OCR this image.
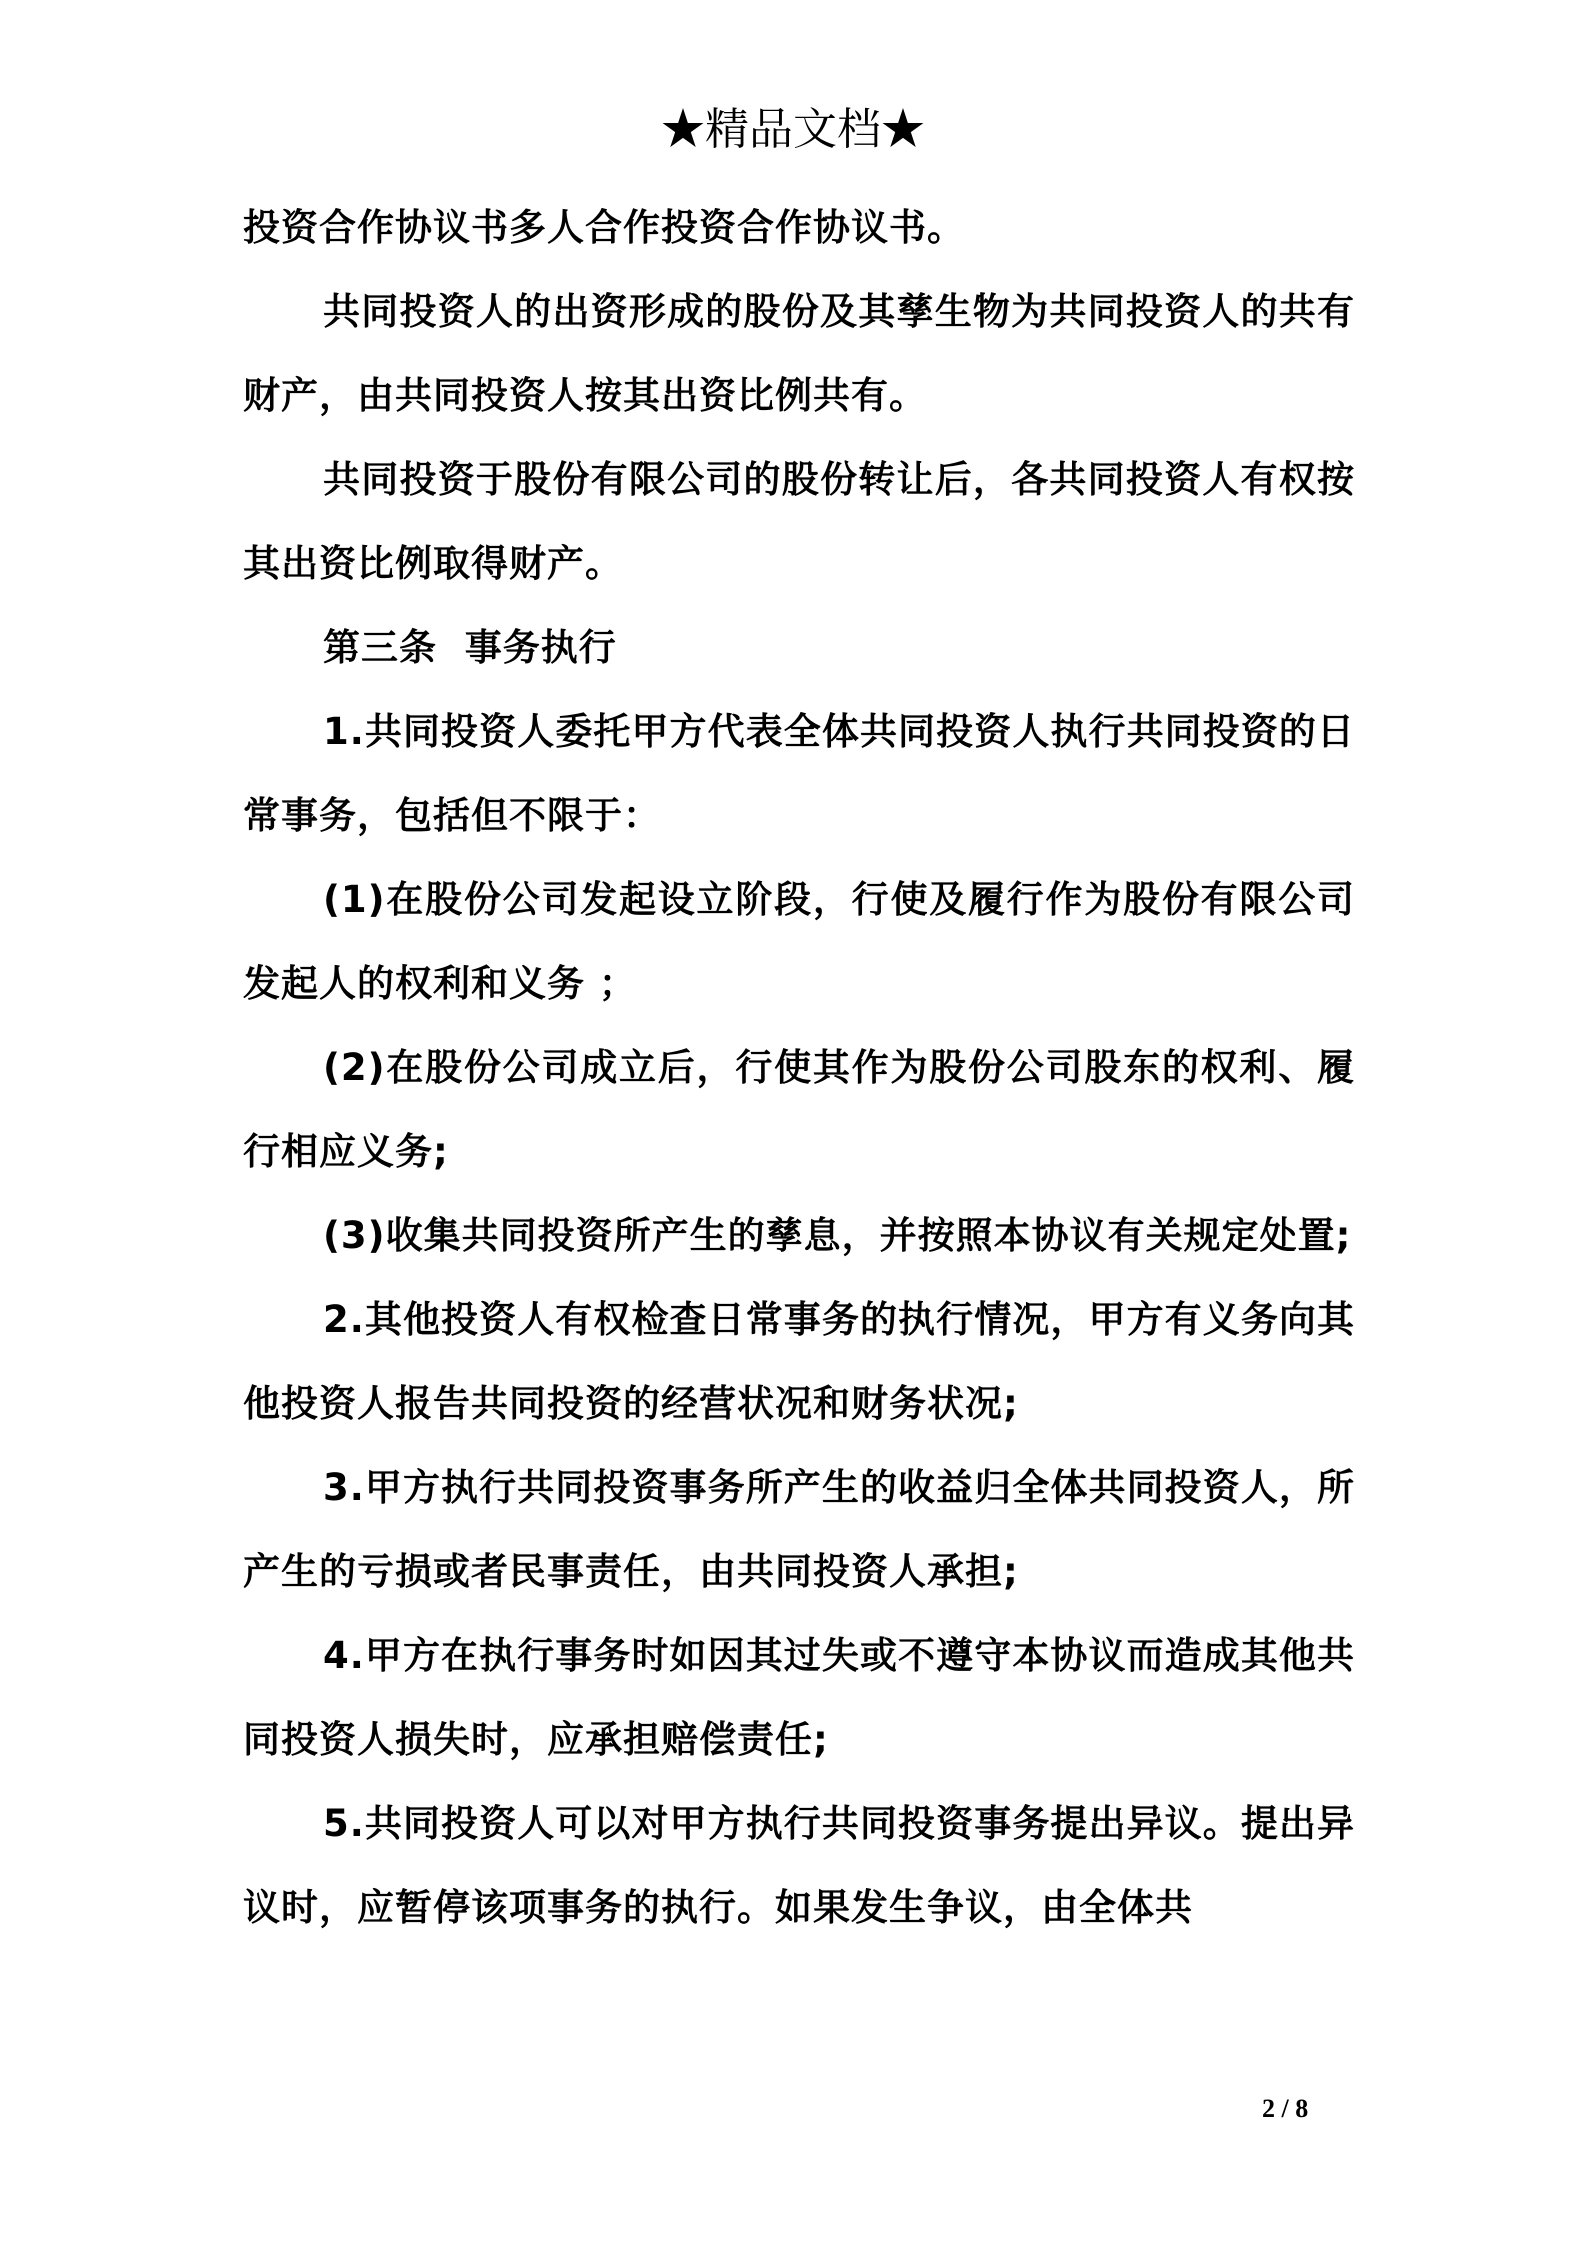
★精品文档★

投资合作协议书多人合作投资合作协议书。

共同投资人的出资形成的股份及其孳生物为共同投资人的共有财产，由共同投资人按其出资比例共有。

共同投资于股份有限公司的股份转让后，各共同投资人有权按其出资比例取得财产。

第三条  事务执行

1.共同投资人委托甲方代表全体共同投资人执行共同投资的日常事务，包括但不限于：

(1)在股份公司发起设立阶段，行使及履行作为股份有限公司发起人的权利和义务 ；

(2)在股份公司成立后，行使其作为股份公司股东的权利、履行相应义务;

(3)收集共同投资所产生的孳息，并按照本协议有关规定处置;

2.其他投资人有权检查日常事务的执行情况，甲方有义务向其他投资人报告共同投资的经营状况和财务状况;

3.甲方执行共同投资事务所产生的收益归全体共同投资人，所产生的亏损或者民事责任，由共同投资人承担;

4.甲方在执行事务时如因其过失或不遵守本协议而造成其他共同投资人损失时，应承担赔偿责任;

5.共同投资人可以对甲方执行共同投资事务提出异议。提出异议时，应暂停该项事务的执行。如果发生争议，由全体共

2 / 8
